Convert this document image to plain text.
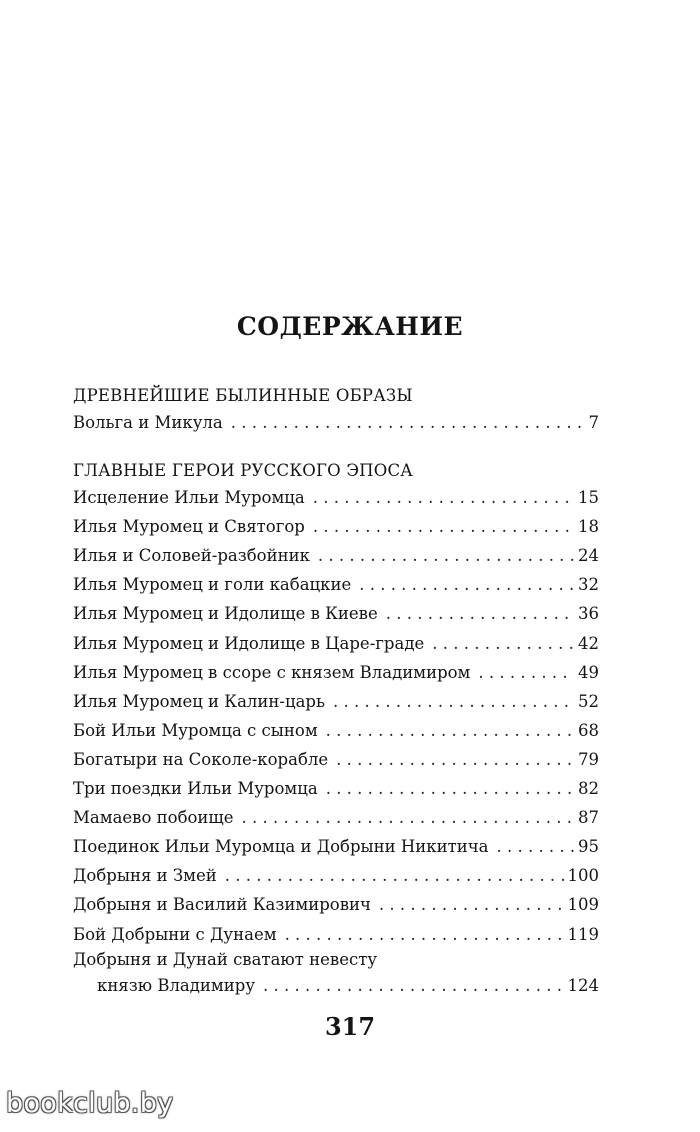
СОДЕРЖАНИЕ
ДРЕВНЕЙШИЕ БЫЛИННЫЕ ОБРАЗЫ
Вольга и Микула . . .	7
ГЛАВНЫЕ ГЕРОИ РУССКОГО ЭПОСА
Исцеление Ильи Муромца . . .	15
Илья Муромец и Святогор . . .	18
Илья и Соловей-разбойник . . .	24
Илья Муромец и голи кабацкие . . .	32
Илья Муромец и Идолище в Киеве . . .	36
Илья Муромец и Идолище в Царе-граде . . .	42
Илья Муромец в ссоре с князем Владимиром . . .	49
Илья Муромец и Калин-царь . . .	52
Бой Ильи Муромца с сыном . . .	68
Богатыри на Соколе-корабле . . .	79
Три поездки Ильи Муромца . . .	82
Мамаево побоище . . .	87
Поединок Ильи Муромца и Добрыни Никитича . . .	95
Добрыня и Змей . . .	100
Добрыня и Василий Казимирович . . .	109
Бой Добрыни с Дунаем . . .	119
Добрыня и Дунай сватают невесту
князю Владимиру . . .	124
317
bookclub.by
